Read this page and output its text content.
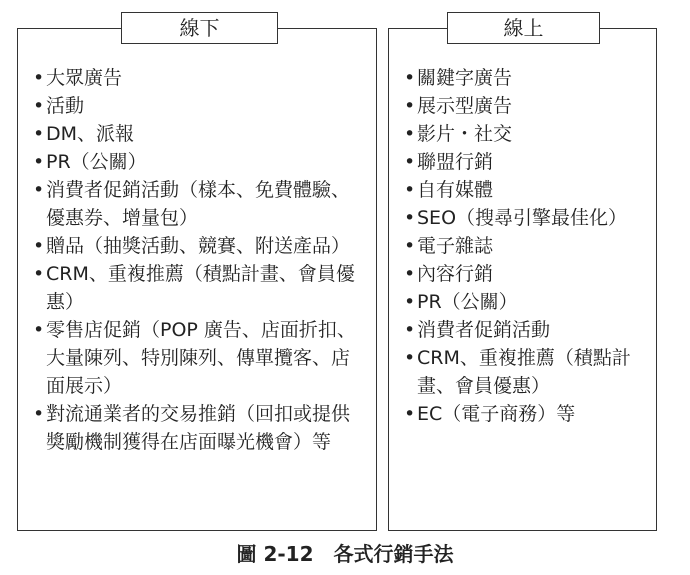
線下
• 大眾廣告
• 活動
• DM、派報
• PR（公關）
• 消費者促銷活動（樣本、免費體驗、優惠券、增量包）
• 贈品（抽獎活動、競賽、附送產品）
• CRM、重複推薦（積點計畫、會員優惠）
• 零售店促銷（POP 廣告、店面折扣、大量陳列、特別陳列、傳單攬客、店面展示）
• 對流通業者的交易推銷（回扣或提供獎勵機制獲得在店面曝光機會）等
線上
• 關鍵字廣告
• 展示型廣告
• 影片・社交
• 聯盟行銷
• 自有媒體
• SEO（搜尋引擎最佳化）
• 電子雜誌
• 內容行銷
• PR（公關）
• 消費者促銷活動
• CRM、重複推薦（積點計畫、會員優惠）
• EC（電子商務）等
圖 2-12　各式行銷手法
